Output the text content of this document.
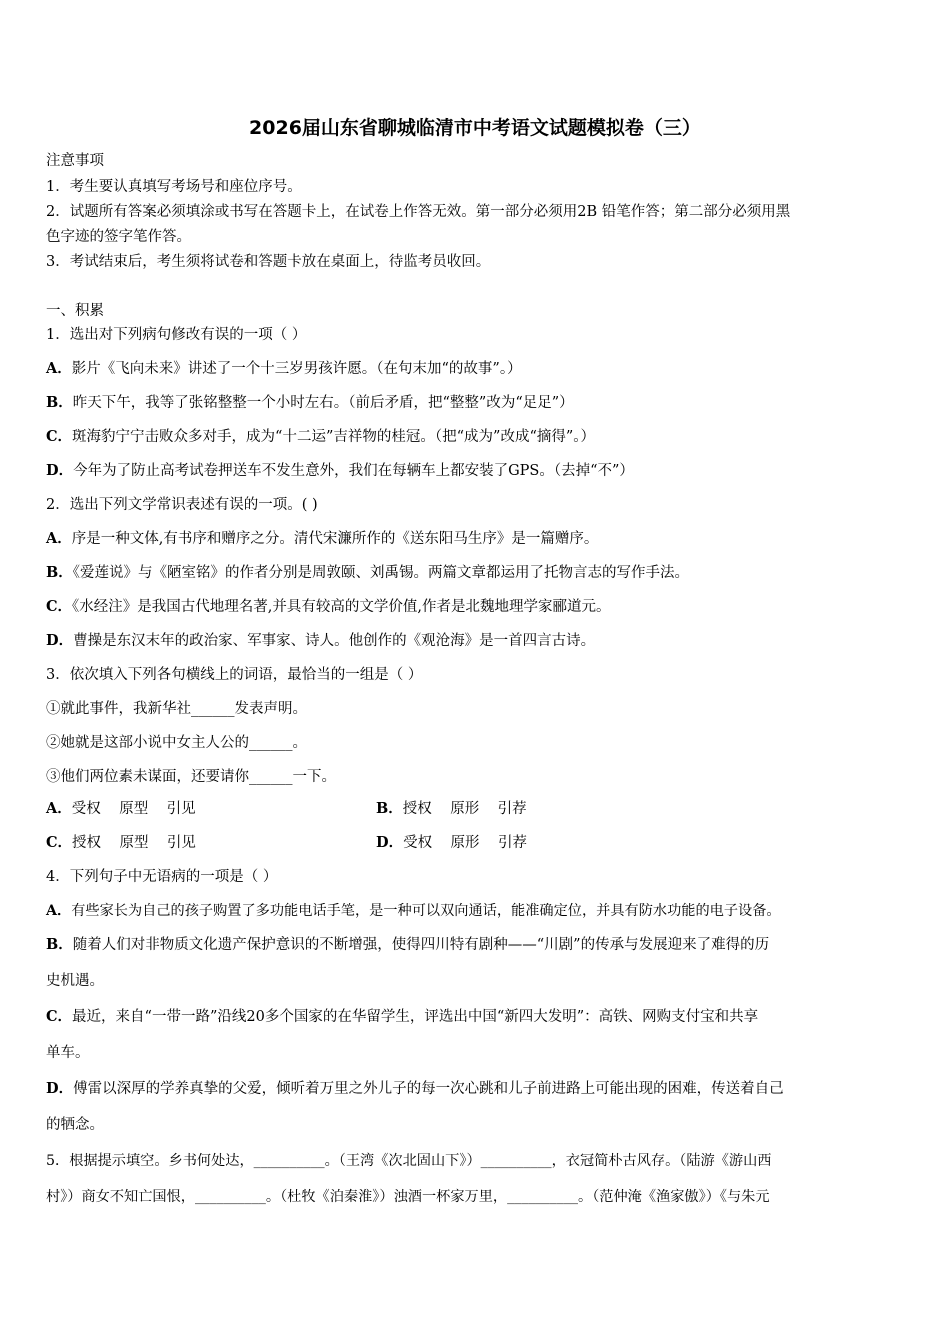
2026届山东省聊城临清市中考语文试题模拟卷（三）
注意事项
1．考生要认真填写考场号和座位序号。
2．试题所有答案必须填涂或书写在答题卡上，在试卷上作答无效。第一部分必须用2B 铅笔作答；第二部分必须用黑
色字迹的签字笔作答。
3．考试结束后，考生须将试卷和答题卡放在桌面上，待监考员收回。
一、积累
1．选出对下列病句修改有误的一项（ ）
A．影片《飞向未来》讲述了一个十三岁男孩许愿。（在句末加“的故事”。）
B．昨天下午，我等了张铭整整一个小时左右。（前后矛盾，把“整整”改为“足足”）
C．斑海豹宁宁击败众多对手，成为“十二运”吉祥物的桂冠。（把“成为”改成“摘得”。）
D．今年为了防止高考试卷押送车不发生意外，我们在每辆车上都安装了GPS。（去掉“不”）
2．选出下列文学常识表述有误的一项。( )
A．序是一种文体,有书序和赠序之分。清代宋濂所作的《送东阳马生序》是一篇赠序。
B．《爱莲说》与《陋室铭》的作者分别是周敦颐、刘禹锡。两篇文章都运用了托物言志的写作手法。
C．《水经注》是我国古代地理名著,并具有较高的文学价值,作者是北魏地理学家郦道元。
D．曹操是东汉末年的政治家、军事家、诗人。他创作的《观沧海》是一首四言古诗。
3．依次填入下列各句横线上的词语，最恰当的一组是（ ）
①就此事件，我新华社______发表声明。
②她就是这部小说中女主人公的______。
③他们两位素未谋面，还要请你______一下。
A．受权    原型    引见	B．授权    原形    引荐
C．授权    原型    引见	D．受权    原形    引荐
4．下列句子中无语病的一项是（ ）
A．有些家长为自己的孩子购置了多功能电话手笔，是一种可以双向通话，能准确定位，并具有防水功能的电子设备。
B．随着人们对非物质文化遗产保护意识的不断增强，使得四川特有剧种——“川剧”的传承与发展迎来了难得的历
史机遇。
C．最近，来自“一带一路”沿线20多个国家的在华留学生，评选出中国“新四大发明”：高铁、网购支付宝和共享
单车。
D．傅雷以深厚的学养真挚的父爱，倾听着万里之外儿子的每一次心跳和儿子前进路上可能出现的困难，传送着自己
的牺念。
5．根据提示填空。乡书何处达，__________。（王湾《次北固山下》）__________，衣冠简朴古风存。（陆游《游山西
村》）商女不知亡国恨，__________。（杜牧《泊秦淮》）浊酒一杯家万里，__________。（范仲淹《渔家傲》）《与朱元
